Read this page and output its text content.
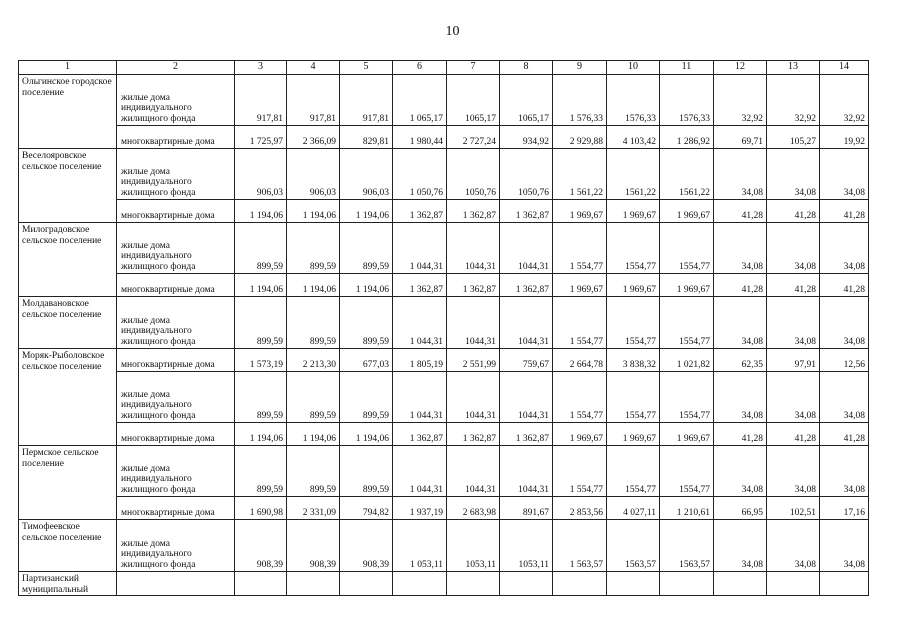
10
1	2	3	4	5	6	7	8	9	10	11	12	13	14
Ольгинское городское поселение	жилые дома индивидуального жилищного фонда	917,81	917,81	917,81	1 065,17	1065,17	1065,17	1 576,33	1576,33	1576,33	32,92	32,92	32,92
	многоквартирные дома	1 725,97	2 366,09	829,81	1 980,44	2 727,24	934,92	2 929,88	4 103,42	1 286,92	69,71	105,27	19,92
Веселояровское сельское поселение	жилые дома индивидуального жилищного фонда	906,03	906,03	906,03	1 050,76	1050,76	1050,76	1 561,22	1561,22	1561,22	34,08	34,08	34,08
	многоквартирные дома	1 194,06	1 194,06	1 194,06	1 362,87	1 362,87	1 362,87	1 969,67	1 969,67	1 969,67	41,28	41,28	41,28
Милоградовское сельское поселение	жилые дома индивидуального жилищного фонда	899,59	899,59	899,59	1 044,31	1044,31	1044,31	1 554,77	1554,77	1554,77	34,08	34,08	34,08
	многоквартирные дома	1 194,06	1 194,06	1 194,06	1 362,87	1 362,87	1 362,87	1 969,67	1 969,67	1 969,67	41,28	41,28	41,28
Молдавановское сельское поселение	жилые дома индивидуального жилищного фонда	899,59	899,59	899,59	1 044,31	1044,31	1044,31	1 554,77	1554,77	1554,77	34,08	34,08	34,08
Моряк-Рыболовское сельское поселение	многоквартирные дома	1 573,19	2 213,30	677,03	1 805,19	2 551,99	759,67	2 664,78	3 838,32	1 021,82	62,35	97,91	12,56
	жилые дома индивидуального жилищного фонда	899,59	899,59	899,59	1 044,31	1044,31	1044,31	1 554,77	1554,77	1554,77	34,08	34,08	34,08
	многоквартирные дома	1 194,06	1 194,06	1 194,06	1 362,87	1 362,87	1 362,87	1 969,67	1 969,67	1 969,67	41,28	41,28	41,28
Пермское сельское поселение	жилые дома индивидуального жилищного фонда	899,59	899,59	899,59	1 044,31	1044,31	1044,31	1 554,77	1554,77	1554,77	34,08	34,08	34,08
	многоквартирные дома	1 690,98	2 331,09	794,82	1 937,19	2 683,98	891,67	2 853,56	4 027,11	1 210,61	66,95	102,51	17,16
Тимофеевское сельское поселение	жилые дома индивидуального жилищного фонда	908,39	908,39	908,39	1 053,11	1053,11	1053,11	1 563,57	1563,57	1563,57	34,08	34,08	34,08
Партизанский муниципальный													
